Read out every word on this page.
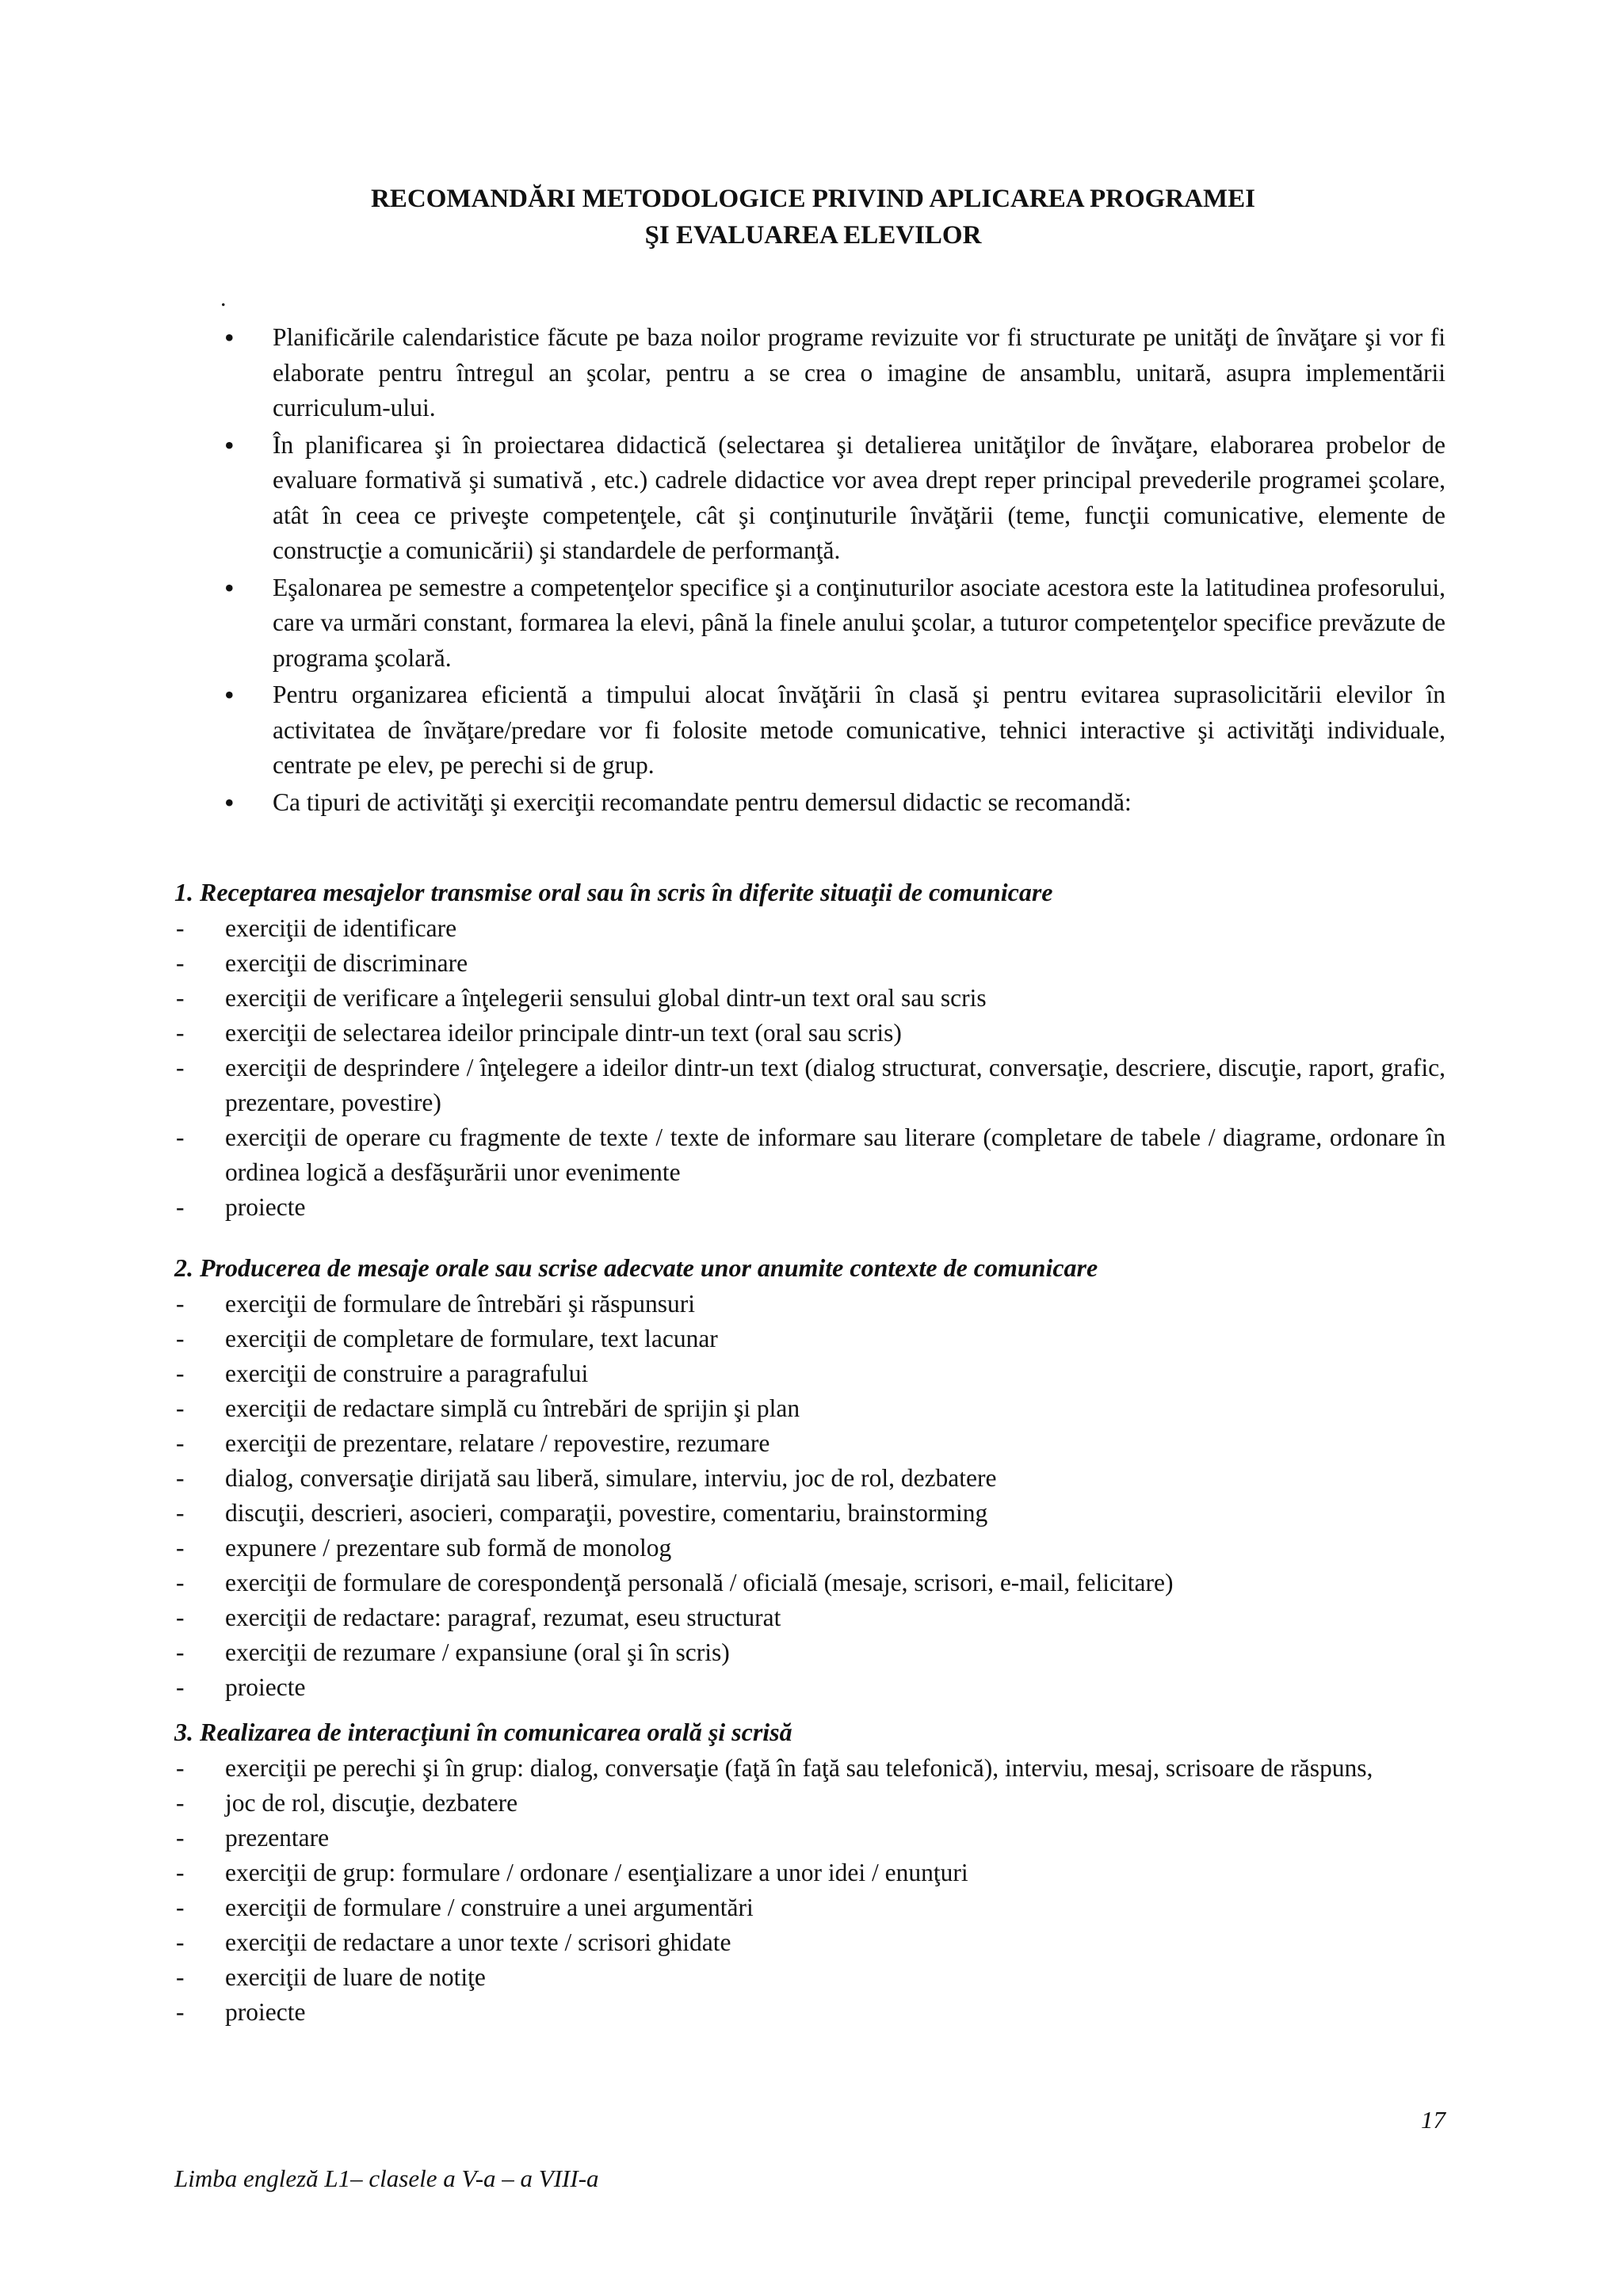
RECOMANDĂRI METODOLOGICE PRIVIND APLICAREA PROGRAMEI
ŞI EVALUAREA ELEVILOR
.
• Planificările calendaristice făcute pe baza noilor programe revizuite vor fi structurate pe unităţi de învăţare şi vor fi elaborate pentru întregul an şcolar, pentru a se crea o imagine de ansamblu, unitară, asupra implementării curriculum-ului.
• În planificarea şi în proiectarea didactică (selectarea şi detalierea unităţilor de învăţare, elaborarea probelor de evaluare formativă şi sumativă , etc.) cadrele didactice vor avea drept reper principal prevederile programei şcolare, atât în ceea ce priveşte competenţele, cât şi conţinuturile învăţării (teme, funcţii comunicative, elemente de construcţie a comunicării) şi standardele de performanţă.
• Eşalonarea pe semestre a competenţelor specifice şi a conţinuturilor asociate acestora este la latitudinea profesorului, care va urmări constant, formarea la elevi, până la finele anului şcolar, a tuturor competenţelor specifice prevăzute de programa şcolară.
• Pentru organizarea eficientă a timpului alocat învăţării în clasă şi pentru evitarea suprasolicitării elevilor în activitatea de învăţare/predare vor fi folosite metode comunicative, tehnici interactive şi activităţi individuale, centrate pe elev, pe perechi si de grup.
• Ca tipuri de activităţi şi exerciţii recomandate pentru demersul didactic se recomandă:
1. Receptarea mesajelor transmise oral sau în scris în diferite situaţii de comunicare
- exerciţii de identificare
- exerciţii de discriminare
- exerciţii de verificare a înţelegerii sensului global dintr-un text oral sau scris
- exerciţii de selectarea ideilor principale dintr-un text (oral sau scris)
- exerciţii de desprindere / înţelegere a ideilor dintr-un text (dialog structurat, conversaţie, descriere, discuţie, raport, grafic, prezentare, povestire)
- exerciţii de operare cu fragmente de texte / texte de informare sau literare (completare de tabele / diagrame, ordonare în ordinea logică a desfăşurării unor evenimente
- proiecte
2. Producerea de mesaje orale sau scrise adecvate unor anumite contexte de comunicare
- exerciţii de formulare de întrebări şi răspunsuri
- exerciţii de completare de formulare, text lacunar
- exerciţii de construire a paragrafului
- exerciţii de redactare simplă cu întrebări de sprijin şi plan
- exerciţii de prezentare, relatare / repovestire, rezumare
- dialog, conversaţie dirijată sau liberă, simulare, interviu, joc de rol, dezbatere
- discuţii, descrieri, asocieri, comparaţii, povestire, comentariu, brainstorming
- expunere / prezentare sub formă de monolog
- exerciţii de formulare de corespondenţă personală / oficială (mesaje, scrisori, e-mail, felicitare)
- exerciţii de redactare: paragraf, rezumat, eseu structurat
- exerciţii de rezumare / expansiune (oral şi în scris)
- proiecte
3. Realizarea de interacţiuni în comunicarea orală şi scrisă
- exerciţii pe perechi şi în grup: dialog, conversaţie (faţă în faţă sau telefonică), interviu, mesaj, scrisoare de răspuns,
- joc de rol, discuţie, dezbatere
- prezentare
- exerciţii de grup: formulare / ordonare / esenţializare a unor idei / enunţuri
- exerciţii de formulare / construire a unei argumentări
- exerciţii de redactare a unor texte / scrisori ghidate
- exerciţii de luare de notiţe
- proiecte
17
Limba engleză L1– clasele a V-a – a VIII-a
